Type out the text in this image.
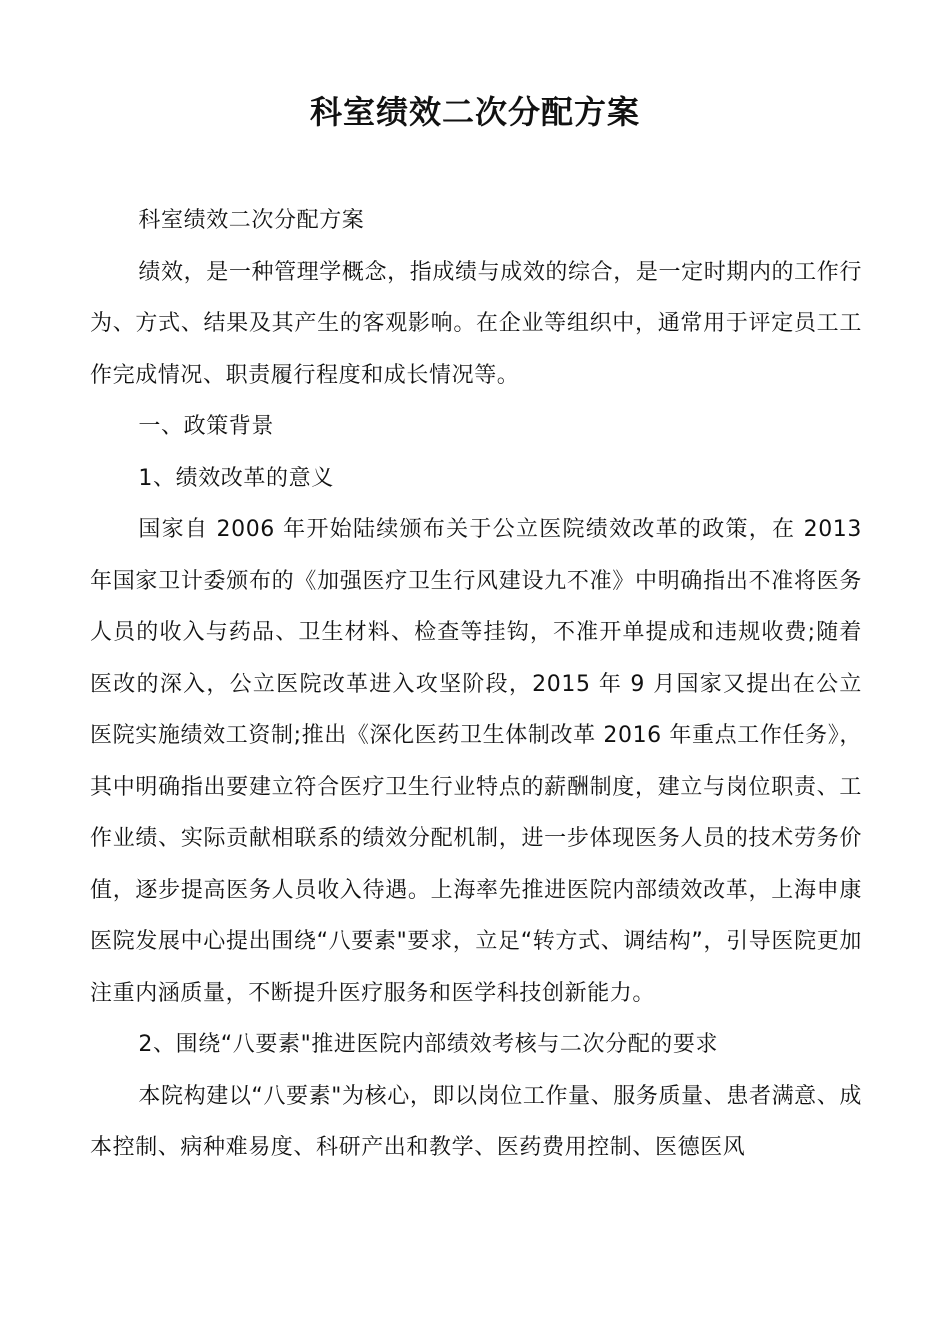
科室绩效二次分配方案

科室绩效二次分配方案

绩效，是一种管理学概念，指成绩与成效的综合，是一定时期内的工作行为、方式、结果及其产生的客观影响。在企业等组织中，通常用于评定员工工作完成情况、职责履行程度和成长情况等。

一、政策背景

1、绩效改革的意义

国家自 2006 年开始陆续颁布关于公立医院绩效改革的政策，在 2013 年国家卫计委颁布的《加强医疗卫生行风建设九不准》中明确指出不准将医务人员的收入与药品、卫生材料、检查等挂钩，不准开单提成和违规收费;随着医改的深入，公立医院改革进入攻坚阶段，2015 年 9 月国家又提出在公立医院实施绩效工资制;推出《深化医药卫生体制改革 2016 年重点工作任务》，其中明确指出要建立符合医疗卫生行业特点的薪酬制度，建立与岗位职责、工作业绩、实际贡献相联系的绩效分配机制，进一步体现医务人员的技术劳务价值，逐步提高医务人员收入待遇。上海率先推进医院内部绩效改革，上海申康医院发展中心提出围绕“八要素"要求，立足“转方式、调结构”，引导医院更加注重内涵质量，不断提升医疗服务和医学科技创新能力。

2、围绕“八要素"推进医院内部绩效考核与二次分配的要求

本院构建以“八要素"为核心，即以岗位工作量、服务质量、患者满意、成本控制、病种难易度、科研产出和教学、医药费用控制、医德医风
